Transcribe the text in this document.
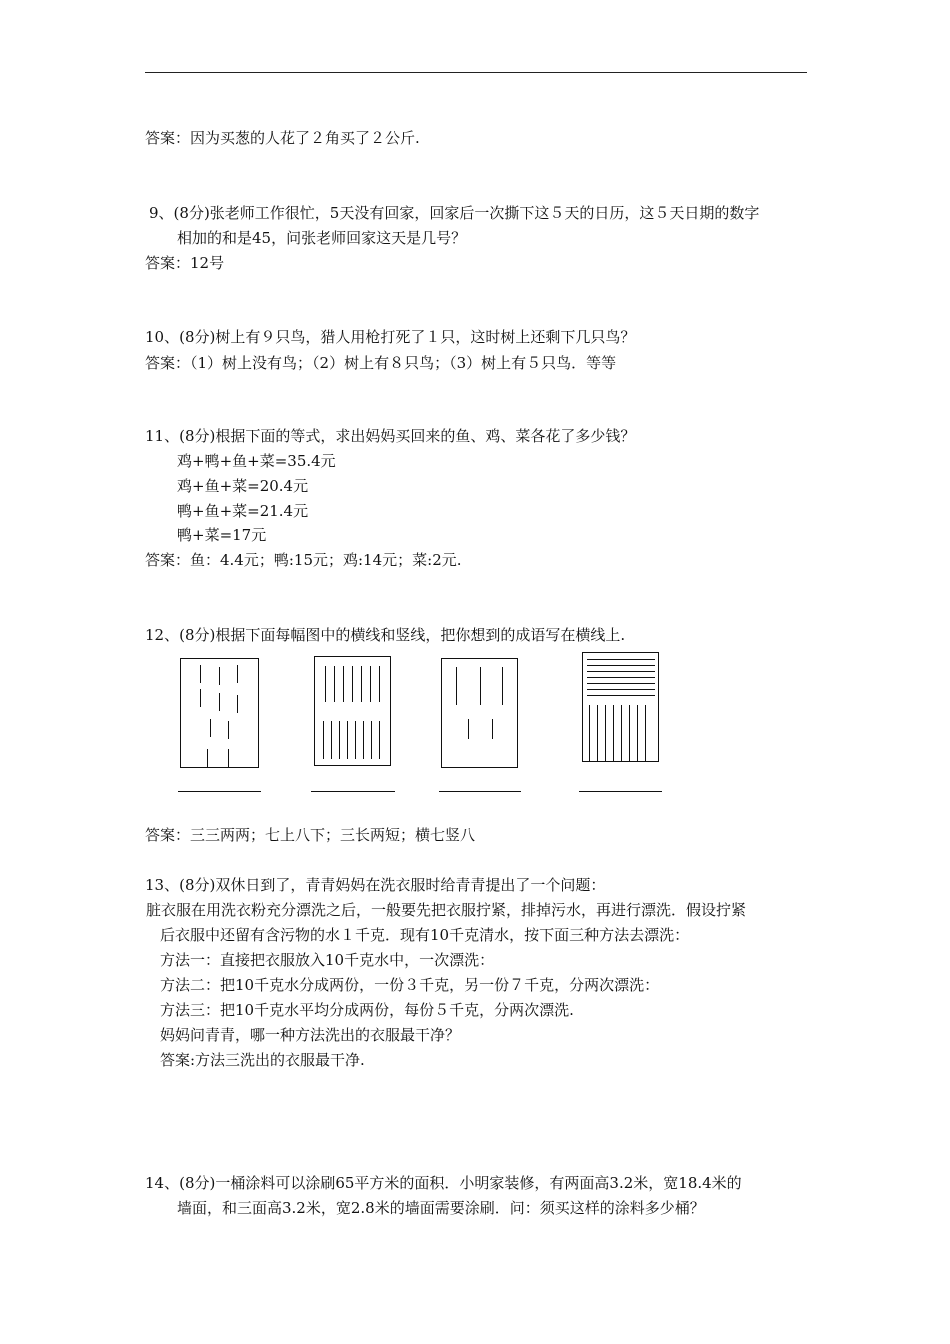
答案：因为买葱的人花了２角买了２公斤.
9、(8分)张老师工作很忙，5天没有回家，回家后一次撕下这５天的日历，这５天日期的数字
相加的和是45，问张老师回家这天是几号？
答案：12号
10、(8分)树上有９只鸟，猎人用枪打死了１只，这时树上还剩下几只鸟？
答案：（1）树上没有鸟；（2）树上有８只鸟；（3）树上有５只鸟．等等
11、(8分)根据下面的等式，求出妈妈买回来的鱼、鸡、菜各花了多少钱？
鸡+鸭+鱼+菜=35.4元
鸡+鱼+菜=20.4元
鸭+鱼+菜=21.4元
鸭+菜=17元
答案：鱼：4.4元；鸭:15元；鸡:14元；菜:2元.
12、(8分)根据下面每幅图中的横线和竖线，把你想到的成语写在横线上.
答案：三三两两；七上八下；三长两短；横七竖八
13、(8分)双休日到了，青青妈妈在洗衣服时给青青提出了一个问题：
脏衣服在用洗衣粉充分漂洗之后，一般要先把衣服拧紧，排掉污水，再进行漂洗．假设拧紧
后衣服中还留有含污物的水１千克．现有10千克清水，按下面三种方法去漂洗：
方法一：直接把衣服放入10千克水中，一次漂洗：
方法二：把10千克水分成两份，一份３千克，另一份７千克，分两次漂洗：
方法三：把10千克水平均分成两份，每份５千克，分两次漂洗.
妈妈问青青，哪一种方法洗出的衣服最干净？
答案:方法三洗出的衣服最干净.
14、(8分)一桶涂料可以涂刷65平方米的面积．小明家装修，有两面高3.2米，宽18.4米的
墙面，和三面高3.2米，宽2.8米的墙面需要涂刷．问：须买这样的涂料多少桶？
